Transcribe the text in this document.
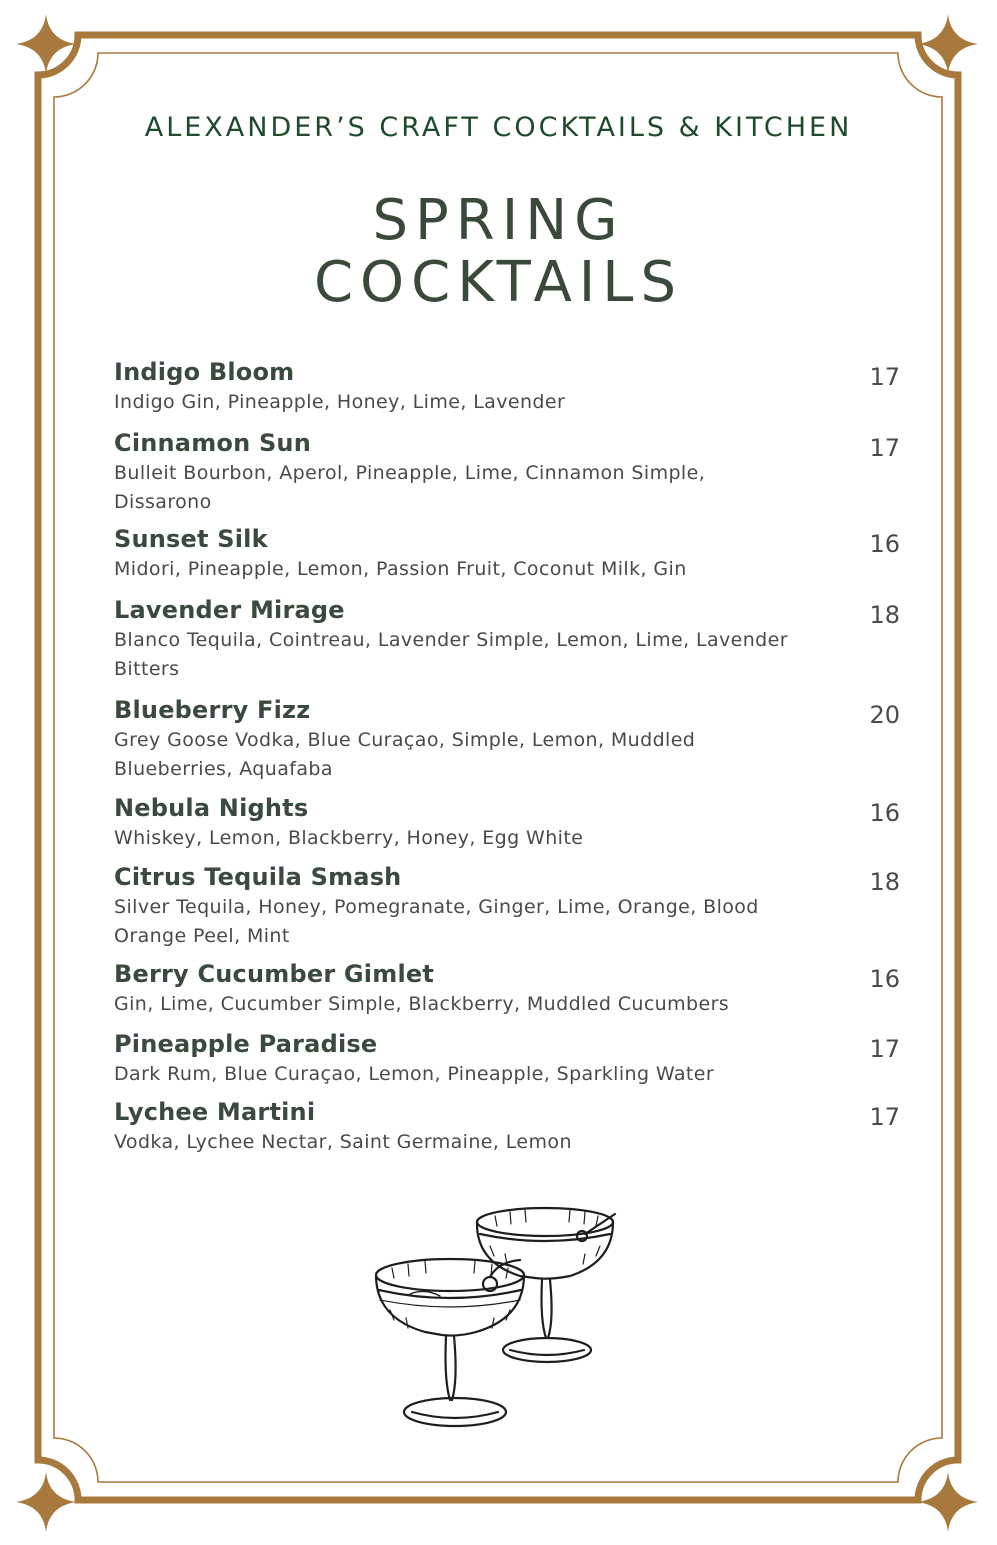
ALEXANDER’S CRAFT COCKTAILS & KITCHEN
SPRING
COCKTAILS
Indigo Bloom
Indigo Gin, Pineapple, Honey, Lime, Lavender
17
Cinnamon Sun
Bulleit Bourbon, Aperol, Pineapple, Lime, Cinnamon Simple, Dissarono
17
Sunset Silk
Midori, Pineapple, Lemon, Passion Fruit, Coconut Milk, Gin
16
Lavender Mirage
Blanco Tequila, Cointreau, Lavender Simple, Lemon, Lime, Lavender Bitters
18
Blueberry Fizz
Grey Goose Vodka, Blue Curaçao, Simple, Lemon, Muddled Blueberries, Aquafaba
20
Nebula Nights
Whiskey, Lemon, Blackberry, Honey, Egg White
16
Citrus Tequila Smash
Silver Tequila, Honey, Pomegranate, Ginger, Lime, Orange, Blood Orange Peel, Mint
18
Berry Cucumber Gimlet
Gin, Lime, Cucumber Simple, Blackberry, Muddled Cucumbers
16
Pineapple Paradise
Dark Rum, Blue Curaçao, Lemon, Pineapple, Sparkling Water
17
Lychee Martini
Vodka, Lychee Nectar, Saint Germaine, Lemon
17
